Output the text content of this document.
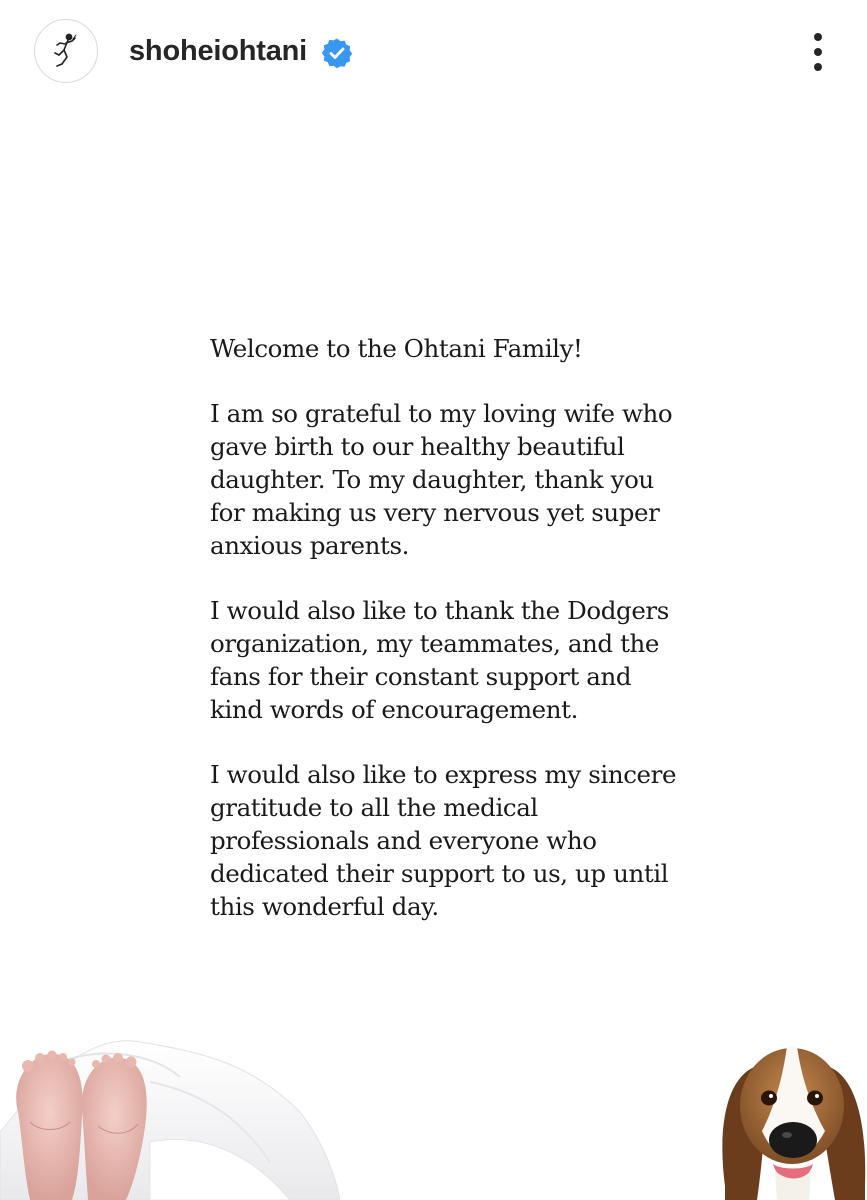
shoheiohtani

Welcome to the Ohtani Family!

I am so grateful to my loving wife who
gave birth to our healthy beautiful
daughter. To my daughter, thank you
for making us very nervous yet super
anxious parents.

I would also like to thank the Dodgers
organization, my teammates, and the
fans for their constant support and
kind words of encouragement.

I would also like to express my sincere
gratitude to all the medical
professionals and everyone who
dedicated their support to us, up until
this wonderful day.
